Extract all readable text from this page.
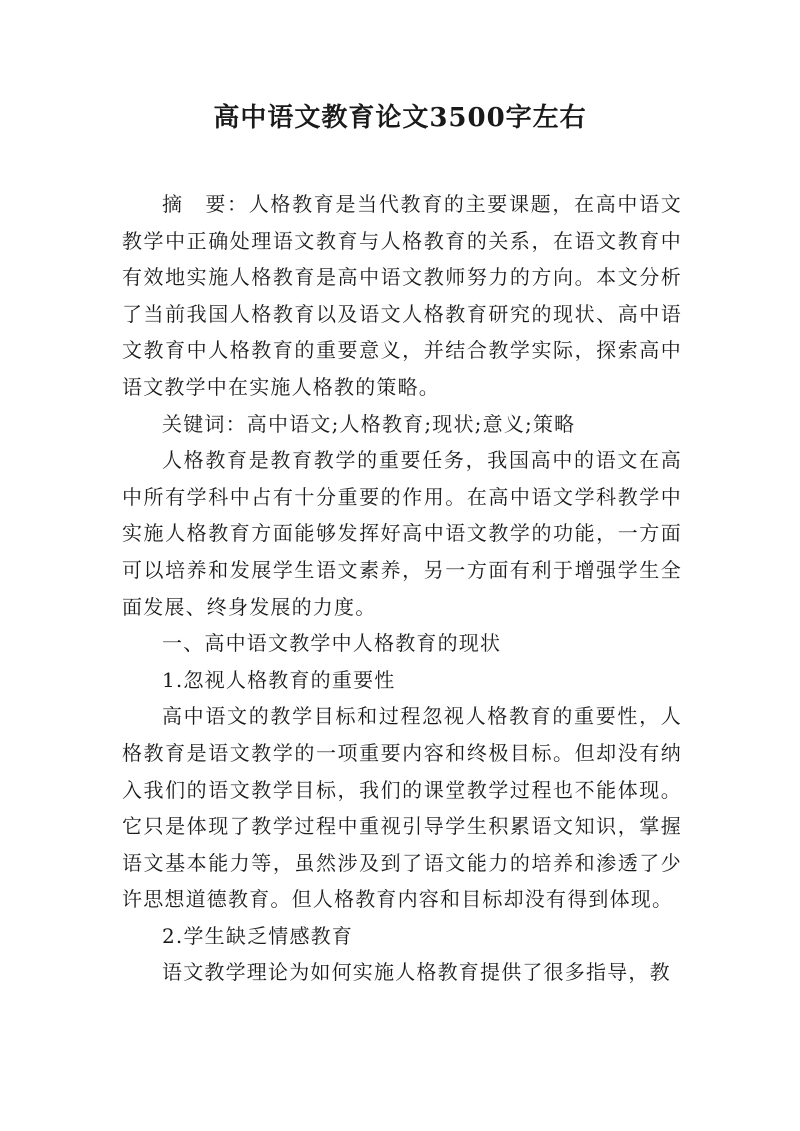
高中语文教育论文3500字左右

摘　要：人格教育是当代教育的主要课题，在高中语文教学中正确处理语文教育与人格教育的关系，在语文教育中有效地实施人格教育是高中语文教师努力的方向。本文分析了当前我国人格教育以及语文人格教育研究的现状、高中语文教育中人格教育的重要意义，并结合教学实际，探索高中语文教学中在实施人格教的策略。

关键词：高中语文;人格教育;现状;意义;策略

人格教育是教育教学的重要任务，我国高中的语文在高中所有学科中占有十分重要的作用。在高中语文学科教学中实施人格教育方面能够发挥好高中语文教学的功能，一方面可以培养和发展学生语文素养，另一方面有利于增强学生全面发展、终身发展的力度。

一、高中语文教学中人格教育的现状

1.忽视人格教育的重要性

高中语文的教学目标和过程忽视人格教育的重要性，人格教育是语文教学的一项重要内容和终极目标。但却没有纳入我们的语文教学目标，我们的课堂教学过程也不能体现。它只是体现了教学过程中重视引导学生积累语文知识，掌握语文基本能力等，虽然涉及到了语文能力的培养和渗透了少许思想道德教育。但人格教育内容和目标却没有得到体现。

2.学生缺乏情感教育

语文教学理论为如何实施人格教育提供了很多指导，教
